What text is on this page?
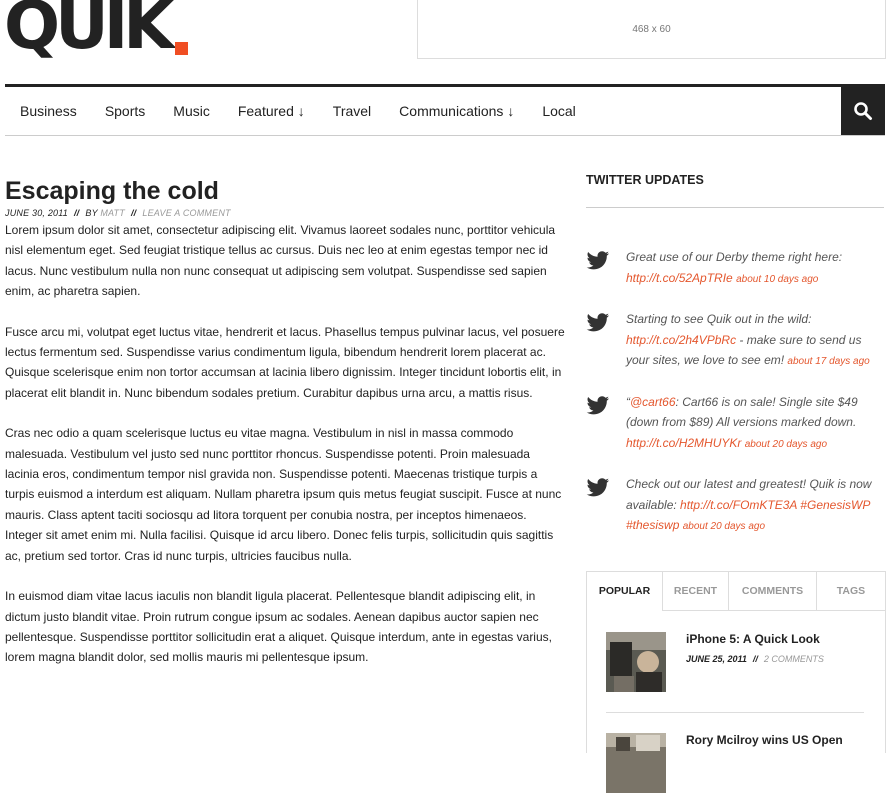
QUIK	468 x 60
Business Sports Music Featured ↓ Travel Communications ↓ Local
Escaping the cold
JUNE 30, 2011 // BY MATT // LEAVE A COMMENT

Lorem ipsum dolor sit amet, consectetur adipiscing elit. Vivamus laoreet sodales nunc, porttitor vehicula nisl elementum eget. Sed feugiat tristique tellus ac cursus. Duis nec leo at enim egestas tempor nec id lacus. Nunc vestibulum nulla non nunc consequat ut adipiscing sem volutpat. Suspendisse sed sapien enim, ac pharetra sapien.

Fusce arcu mi, volutpat eget luctus vitae, hendrerit et lacus. Phasellus tempus pulvinar lacus, vel posuere lectus fermentum sed. Suspendisse varius condimentum ligula, bibendum hendrerit lorem placerat ac. Quisque scelerisque enim non tortor accumsan at lacinia libero dignissim. Integer tincidunt lobortis elit, in placerat elit blandit in. Nunc bibendum sodales pretium. Curabitur dapibus urna arcu, a mattis risus.

Cras nec odio a quam scelerisque luctus eu vitae magna. Vestibulum in nisl in massa commodo malesuada. Vestibulum vel justo sed nunc porttitor rhoncus. Suspendisse potenti. Proin malesuada lacinia eros, condimentum tempor nisl gravida non. Suspendisse potenti. Maecenas tristique turpis a turpis euismod a interdum est aliquam. Nullam pharetra ipsum quis metus feugiat suscipit. Fusce at nunc mauris. Class aptent taciti sociosqu ad litora torquent per conubia nostra, per inceptos himenaeos. Integer sit amet enim mi. Nulla facilisi. Quisque id arcu libero. Donec felis turpis, sollicitudin quis sagittis ac, pretium sed tortor. Cras id nunc turpis, ultricies faucibus nulla.

In euismod diam vitae lacus iaculis non blandit ligula placerat. Pellentesque blandit adipiscing elit, in dictum justo blandit vitae. Proin rutrum congue ipsum ac sodales. Aenean dapibus auctor sapien nec pellentesque. Suspendisse porttitor sollicitudin erat a aliquet. Quisque interdum, ante in egestas varius, lorem magna blandit dolor, sed mollis mauris mi pellentesque ipsum.

TWITTER UPDATES
Great use of our Derby theme right here: http://t.co/52ApTRIe about 10 days ago
Starting to see Quik out in the wild: http://t.co/2h4VPbRc - make sure to send us your sites, we love to see em! about 17 days ago
“@cart66: Cart66 is on sale! Single site $49 (down from $89) All versions marked down. http://t.co/H2MHUYKr about 20 days ago
Check out our latest and greatest! Quik is now available: http://t.co/FOmKTE3A #GenesisWP #thesiswp about 20 days ago
POPULAR	RECENT	COMMENTS	TAGS
iPhone 5: A Quick Look
JUNE 25, 2011 // 2 COMMENTS
Rory Mcilroy wins US Open
